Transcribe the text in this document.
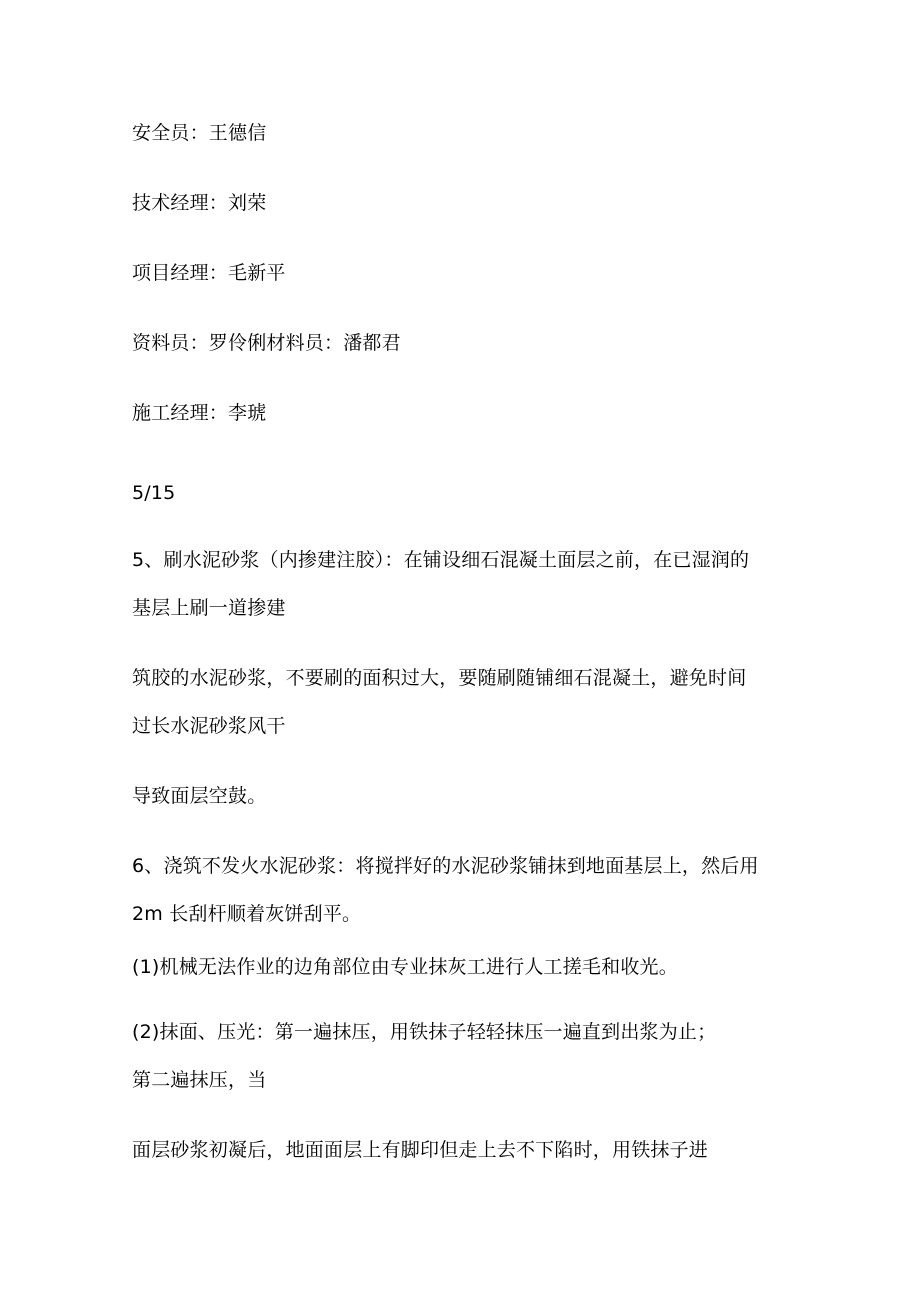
安全员：王德信
技术经理：刘荣
项目经理：毛新平
资料员：罗伶俐材料员：潘都君
施工经理：李琥
5/15
5、刷水泥砂浆（内掺建注胶）：在铺设细石混凝土面层之前，在已湿润的
基层上刷一道掺建
筑胶的水泥砂浆，不要刷的面积过大，要随刷随铺细石混凝土，避免时间
过长水泥砂浆风干
导致面层空鼓。
6、浇筑不发火水泥砂浆：将搅拌好的水泥砂浆铺抹到地面基层上，然后用
2m 长刮杆顺着灰饼刮平。
(1)机械无法作业的边角部位由专业抹灰工进行人工搓毛和收光。
(2)抹面、压光：第一遍抹压，用铁抹子轻轻抹压一遍直到出浆为止；
第二遍抹压，当
面层砂浆初凝后，地面面层上有脚印但走上去不下陷时，用铁抹子进
